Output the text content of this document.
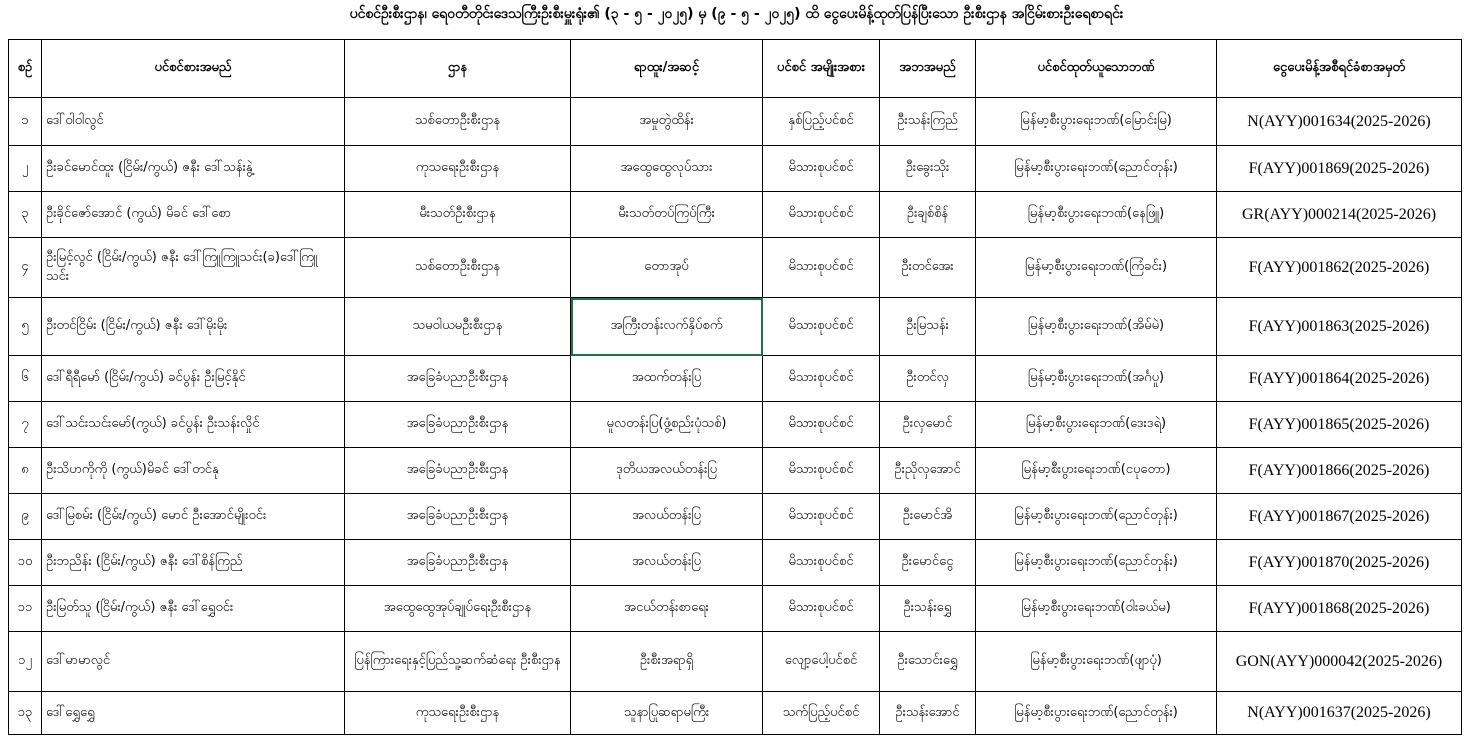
ပင်စင်ဦးစီးဌာန၊ ရေဝတီတိုင်းဒေသကြီးဦးစီးမှူးရုံး၏ (၃ - ၅ - ၂၀၂၅) မှ (၉ - ၅ - ၂၀၂၅) ထိ ငွေပေးမိန့်ထုတ်ပြန်ပြီးသော ဦးစီးဌာန အငြိမ်းစားဦးရေစာရင်း
စဉ်	ပင်စင်စားအမည်	ဌာန	ရာထူး/အဆင့်	ပင်စင် အမျိုးအစား	အဘအမည်	ပင်စင်ထုတ်ယူသောဘဏ်	ငွေပေးမိန့်အစီရင်ခံစာအမှတ်
၁	ဒေါ်ဝါဝါလွင်	သစ်တောဦးစီးဌာန	အမှုတွဲထိန်း	နှစ်ပြည့်ပင်စင်	ဦးသန်းကြည်	မြန်မာ့စီးပွားရေးဘဏ်(မြောင်းမြ)	N(AYY)001634(2025-2026)
၂	ဦးခင်မောင်ထူး (ငြိမ်း/ကွယ်) ဇနီး ဒေါ်သန်းနွဲ့	ကုသရေးဦးစီးဌာန	အထွေထွေလုပ်သား	မိသားစုပင်စင်	ဦးခွေးသိုး	မြန်မာ့စီးပွားရေးဘဏ်(ညောင်တုန်း)	F(AYY)001869(2025-2026)
၃	ဦးခိုင်ဇော်အောင် (ကွယ်) မိခင် ဒေါ်စော	မီးသတ်ဦးစီးဌာန	မီးသတ်တပ်ကြပ်ကြီး	မိသားစုပင်စင်	ဦးချစ်စိန်	မြန်မာ့စီးပွားရေးဘဏ်(နေဖြူ)	GR(AYY)000214(2025-2026)
၄	ဦးမြင့်လွင် (ငြိမ်း/ကွယ်) ဇနီး ဒေါ်ကြူကြူသင်း(ခ)ဒေါ်ကြူသင်း	သစ်တောဦးစီးဌာန	တောအုပ်	မိသားစုပင်စင်	ဦးတင်အေး	မြန်မာ့စီးပွားရေးဘဏ်(ကြံခင်း)	F(AYY)001862(2025-2026)
၅	ဦးတင်ငြိမ်း (ငြိမ်း/ကွယ်) ဇနီး ဒေါ်မိုးမိုး	သမဝါယမဦးစီးဌာန	အကြီးတန်းလက်နှိပ်စက်	မိသားစုပင်စင်	ဦးမြသန်း	မြန်မာ့စီးပွားရေးဘဏ်(အိမ်မဲ)	F(AYY)001863(2025-2026)
၆	ဒေါ်ရီရီမော် (ငြိမ်း/ကွယ်) ခင်ပွန်း ဦးမြင့်နိုင်	အခြေခံပညာဦးစီးဌာန	အထက်တန်းပြ	မိသားစုပင်စင်	ဦးတင်လှ	မြန်မာ့စီးပွားရေးဘဏ်(အင်္ဂပူ)	F(AYY)001864(2025-2026)
၇	ဒေါ်သင်းသင်းမော်(ကွယ်) ခင်ပွန်း ဦးသန်းလှိုင်	အခြေခံပညာဦးစီးဌာန	မူလတန်းပြ(ဖွံ့စည်းပုံသစ်)	မိသားစုပင်စင်	ဦးလှမောင်	မြန်မာ့စီးပွားရေးဘဏ်(ဒေးဒရဲ)	F(AYY)001865(2025-2026)
၈	ဦးသိဟကိုကို (ကွယ်)မိခင် ဒေါ်တင်နု	အခြေခံပညာဦးစီးဌာန	ဒုတိယအလယ်တန်းပြ	မိသားစုပင်စင်	ဦးညိုလှအောင်	မြန်မာ့စီးပွားရေးဘဏ်(ငပုတော)	F(AYY)001866(2025-2026)
၉	ဒေါ်မြစမ်း (ငြိမ်း/ကွယ်) မောင် ဦးအောင်မျိုးဝင်း	အခြေခံပညာဦးစီးဌာန	အလယ်တန်းပြ	မိသားစုပင်စင်	ဦးမောင်အိ	မြန်မာ့စီးပွားရေးဘဏ်(ညောင်တုန်း)	F(AYY)001867(2025-2026)
၁၀	ဦးဘညိန်း (ငြိမ်း/ကွယ်) ဇနီး ဒေါ်စိန်ကြည်	အခြေခံပညာဦးစီးဌာန	အလယ်တန်းပြ	မိသားစုပင်စင်	ဦးမောင်ငွေ	မြန်မာ့စီးပွားရေးဘဏ်(ညောင်တုန်း)	F(AYY)001870(2025-2026)
၁၁	ဦးမြတ်သူ (ငြိမ်း/ကွယ်) ဇနီး ဒေါ်ရွှေဝင်း	အထွေထွေအုပ်ချုပ်ရေးဦးစီးဌာန	အငယ်တန်းစာရေး	မိသားစုပင်စင်	ဦးသန်းရွှေ	မြန်မာ့စီးပွားရေးဘဏ်(ဝါးခယ်မ)	F(AYY)001868(2025-2026)
၁၂	ဒေါ်မာမာလွင်	ပြန်ကြားရေးနှင့်ပြည်သူ့ဆက်ဆံရေး ဦးစီးဌာန	ဦးစီးအရာရှိ	လျော့ပေါ့ပင်စင်	ဦးသောင်းရွှေ	မြန်မာ့စီးပွားရေးဘဏ်(ဖျာပုံ)	GON(AYY)000042(2025-2026)
၁၃	ဒေါ်ရွှေရွှေ	ကုသရေးဦးစီးဌာန	သူနာပြုဆရာမကြီး	သက်ပြည့်ပင်စင်	ဦးသန်းအောင်	မြန်မာ့စီးပွားရေးဘဏ်(ညောင်တုန်း)	N(AYY)001637(2025-2026)
